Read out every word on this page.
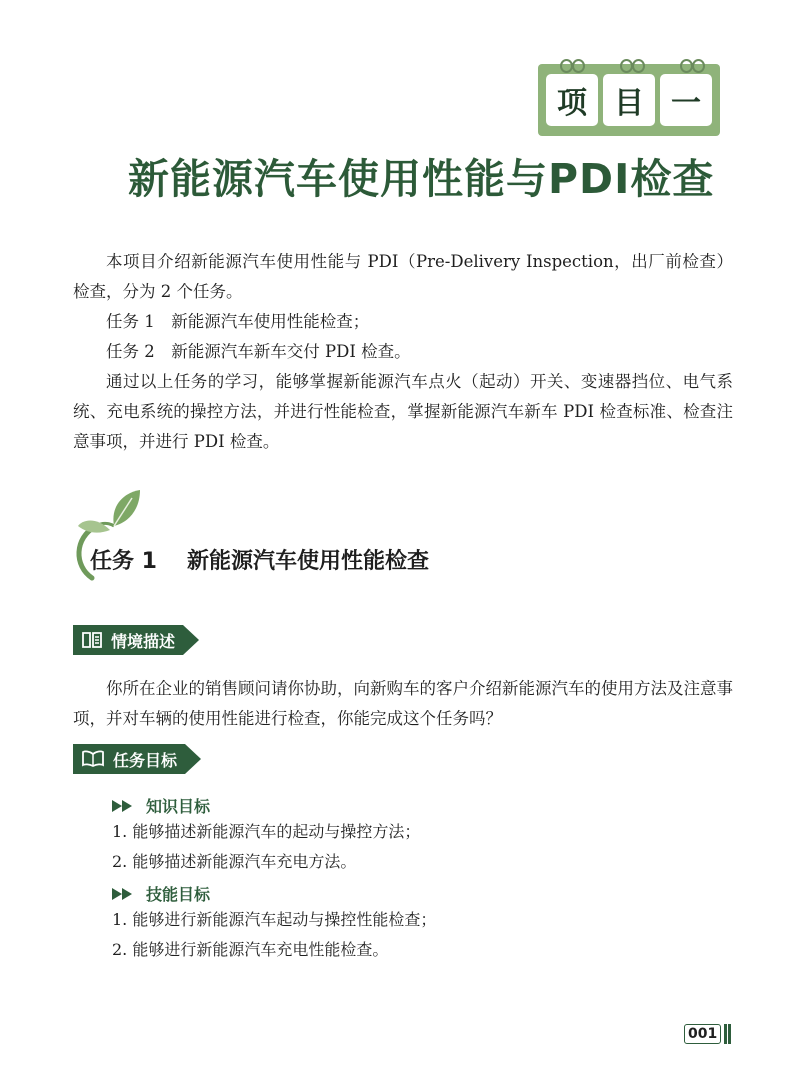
项 目 一
新能源汽车使用性能与PDI检查

本项目介绍新能源汽车使用性能与 PDI（Pre-Delivery Inspection，出厂前检查）检查，分为 2 个任务。

任务 1　新能源汽车使用性能检查；

任务 2　新能源汽车新车交付 PDI 检查。

通过以上任务的学习，能够掌握新能源汽车点火（起动）开关、变速器挡位、电气系统、充电系统的操控方法，并进行性能检查，掌握新能源汽车新车 PDI 检查标准、检查注意事项，并进行 PDI 检查。

任务 1 新能源汽车使用性能检查
情境描述

你所在企业的销售顾问请你协助，向新购车的客户介绍新能源汽车的使用方法及注意事项，并对车辆的使用性能进行检查，你能完成这个任务吗？

任务目标
知识目标
1. 能够描述新能源汽车的起动与操控方法；
2. 能够描述新能源汽车充电方法。
技能目标
1. 能够进行新能源汽车起动与操控性能检查；
2. 能够进行新能源汽车充电性能检查。
001
